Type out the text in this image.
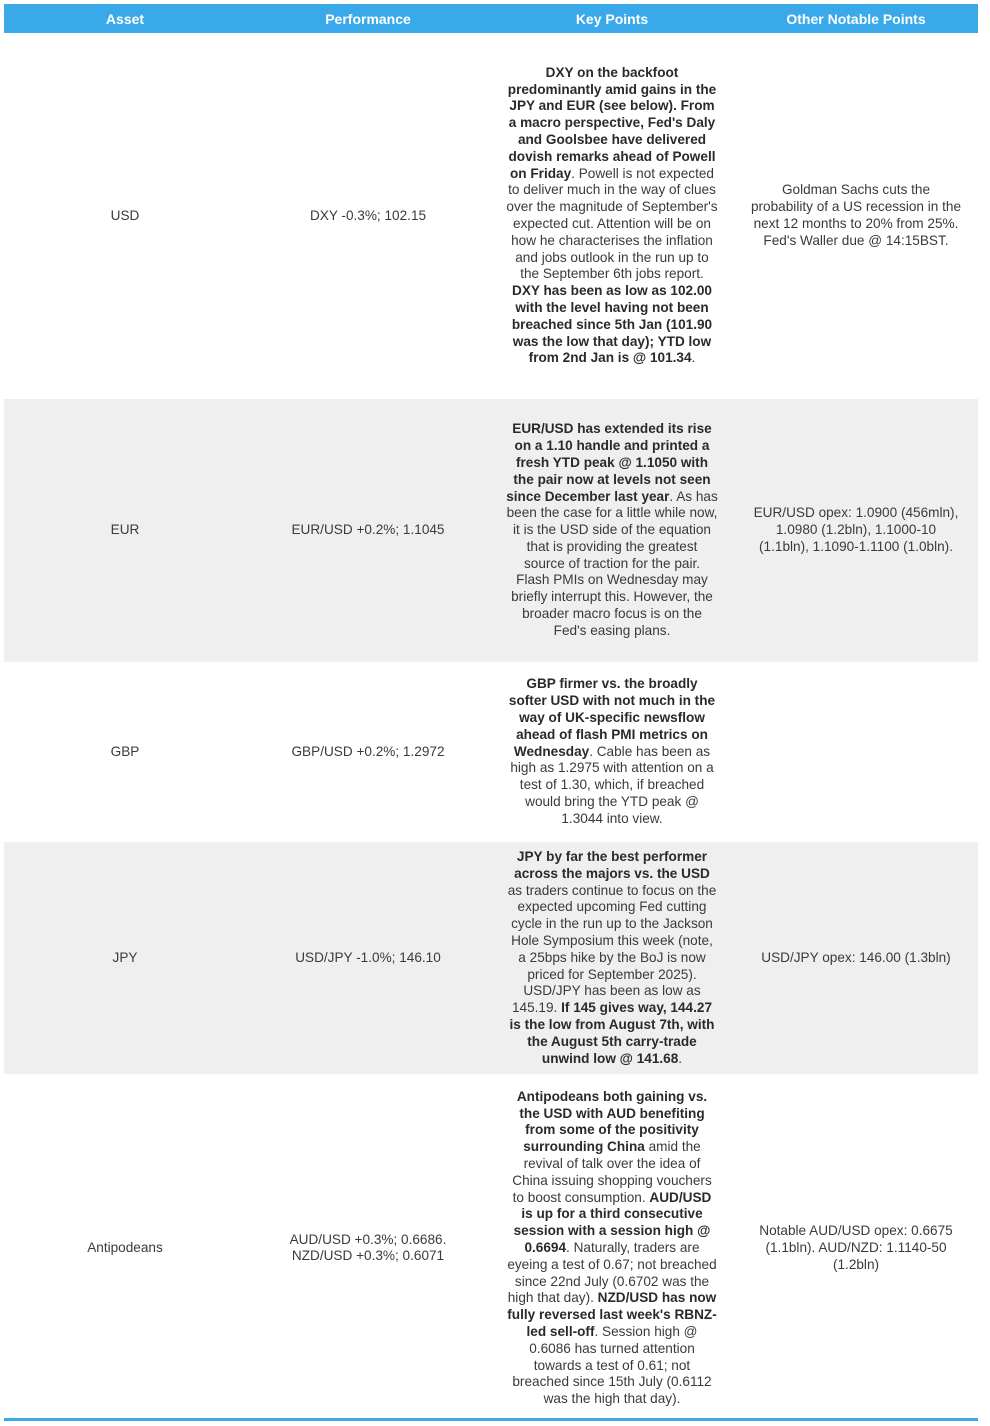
Asset	Performance	Key Points	Other Notable Points
USD	DXY -0.3%; 102.15	DXY on the backfoot predominantly amid gains in the JPY and EUR (see below). From a macro perspective, Fed's Daly and Goolsbee have delivered dovish remarks ahead of Powell on Friday. Powell is not expected to deliver much in the way of clues over the magnitude of September's expected cut. Attention will be on how he characterises the inflation and jobs outlook in the run up to the September 6th jobs report. DXY has been as low as 102.00 with the level having not been breached since 5th Jan (101.90 was the low that day); YTD low from 2nd Jan is @ 101.34.	Goldman Sachs cuts the probability of a US recession in the next 12 months to 20% from 25%. Fed's Waller due @ 14:15BST.

EUR	EUR/USD +0.2%; 1.1045	EUR/USD has extended its rise on a 1.10 handle and printed a fresh YTD peak @ 1.1050 with the pair now at levels not seen since December last year. As has been the case for a little while now, it is the USD side of the equation that is providing the greatest source of traction for the pair. Flash PMIs on Wednesday may briefly interrupt this. However, the broader macro focus is on the Fed's easing plans.	EUR/USD opex: 1.0900 (456mln), 1.0980 (1.2bln), 1.1000-10 (1.1bln), 1.1090-1.1100 (1.0bln).

GBP	GBP/USD +0.2%; 1.2972	GBP firmer vs. the broadly softer USD with not much in the way of UK-specific newsflow ahead of flash PMI metrics on Wednesday. Cable has been as high as 1.2975 with attention on a test of 1.30, which, if breached would bring the YTD peak @ 1.3044 into view.	

JPY	USD/JPY -1.0%; 146.10	JPY by far the best performer across the majors vs. the USD as traders continue to focus on the expected upcoming Fed cutting cycle in the run up to the Jackson Hole Symposium this week (note, a 25bps hike by the BoJ is now priced for September 2025). USD/JPY has been as low as 145.19. If 145 gives way, 144.27 is the low from August 7th, with the August 5th carry-trade unwind low @ 141.68.	USD/JPY opex: 146.00 (1.3bln)

Antipodeans	AUD/USD +0.3%; 0.6686. NZD/USD +0.3%; 0.6071	Antipodeans both gaining vs. the USD with AUD benefiting from some of the positivity surrounding China amid the revival of talk over the idea of China issuing shopping vouchers to boost consumption. AUD/USD is up for a third consecutive session with a session high @ 0.6694. Naturally, traders are eyeing a test of 0.67; not breached since 22nd July (0.6702 was the high that day). NZD/USD has now fully reversed last week's RBNZ-led sell-off. Session high @ 0.6086 has turned attention towards a test of 0.61; not breached since 15th July (0.6112 was the high that day).	Notable AUD/USD opex: 0.6675 (1.1bln). AUD/NZD: 1.1140-50 (1.2bln)
